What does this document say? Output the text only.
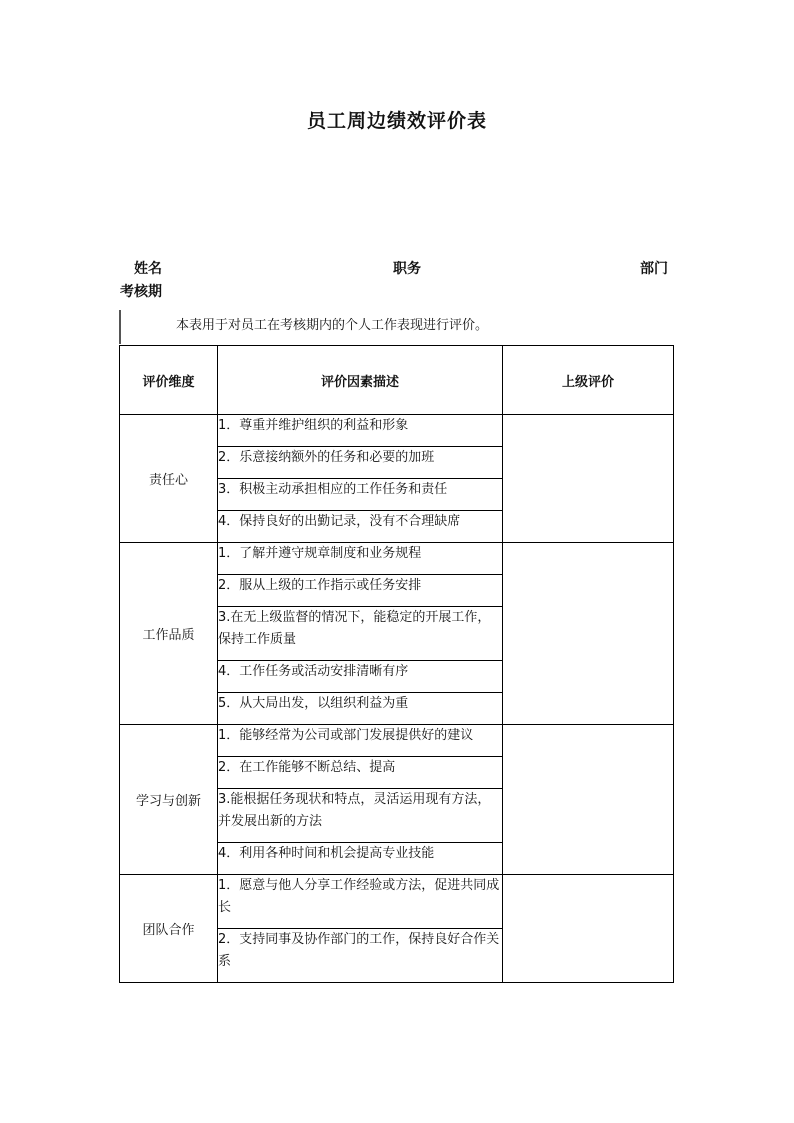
员工周边绩效评价表
姓名	职务	部门
考核期
本表用于对员工在考核期内的个人工作表现进行评价。
评价维度	评价因素描述	上级评价
责任心	1．尊重并维护组织的利益和形象	
	2．乐意接纳额外的任务和必要的加班	
	3．积极主动承担相应的工作任务和责任	
	4．保持良好的出勤记录，没有不合理缺席	
工作品质	1．了解并遵守规章制度和业务规程	
	2．服从上级的工作指示或任务安排	
	3.在无上级监督的情况下，能稳定的开展工作，保持工作质量	
	4．工作任务或活动安排清晰有序	
	5．从大局出发，以组织利益为重	
学习与创新	1．能够经常为公司或部门发展提供好的建议	
	2．在工作能够不断总结、提高	
	3.能根据任务现状和特点，灵活运用现有方法，并发展出新的方法	
	4．利用各种时间和机会提高专业技能	
团队合作	1．愿意与他人分享工作经验或方法，促进共同成长	
	2．支持同事及协作部门的工作，保持良好合作关系	
